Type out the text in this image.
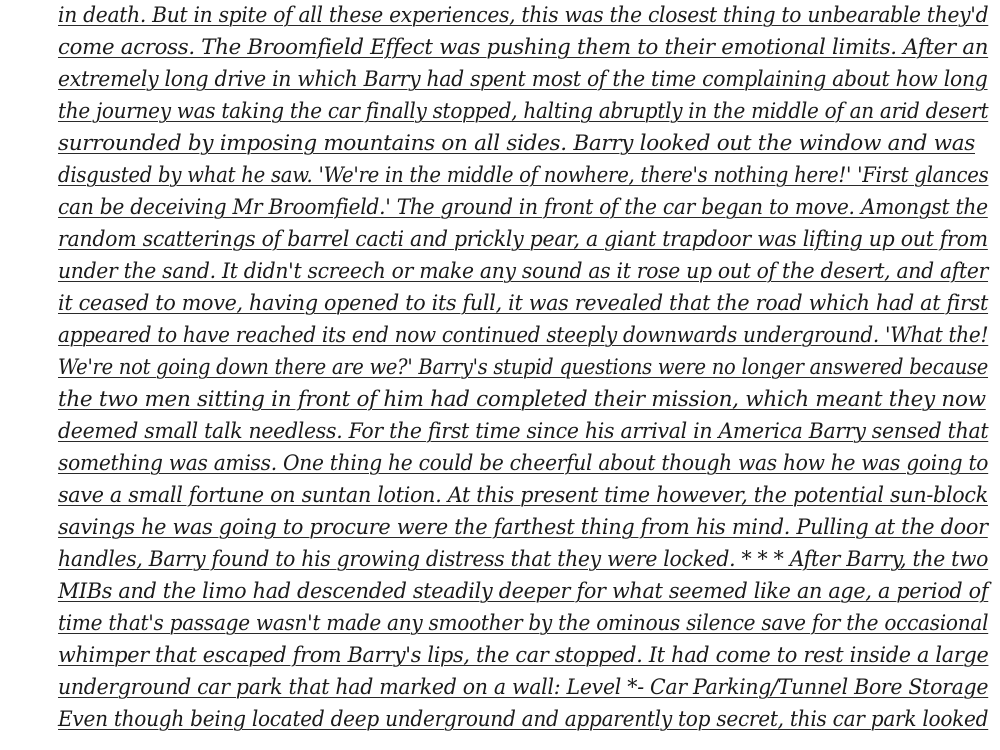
in death. But in spite of all these experiences, this was the closest thing to unbearable they'd
come across. The Broomfield Effect was pushing them to their emotional limits. After an
extremely long drive in which Barry had spent most of the time complaining about how long
the journey was taking the car finally stopped, halting abruptly in the middle of an arid desert
surrounded by imposing mountains on all sides. Barry looked out the window and was
disgusted by what he saw. 'We're in the middle of nowhere, there's nothing here!' 'First glances
can be deceiving Mr Broomfield.' The ground in front of the car began to move. Amongst the
random scatterings of barrel cacti and prickly pear, a giant trapdoor was lifting up out from
under the sand. It didn't screech or make any sound as it rose up out of the desert, and after
it ceased to move, having opened to its full, it was revealed that the road which had at first
appeared to have reached its end now continued steeply downwards underground. 'What the!
We're not going down there are we?' Barry's stupid questions were no longer answered because
the two men sitting in front of him had completed their mission, which meant they now
deemed small talk needless. For the first time since his arrival in America Barry sensed that
something was amiss. One thing he could be cheerful about though was how he was going to
save a small fortune on suntan lotion. At this present time however, the potential sun-block
savings he was going to procure were the farthest thing from his mind. Pulling at the door
handles, Barry found to his growing distress that they were locked. * * * After Barry, the two
MIBs and the limo had descended steadily deeper for what seemed like an age, a period of
time that's passage wasn't made any smoother by the ominous silence save for the occasional
whimper that escaped from Barry's lips, the car stopped. It had come to rest inside a large
underground car park that had marked on a wall: Level *- Car Parking/Tunnel Bore Storage
Even though being located deep underground and apparently top secret, this car park looked
